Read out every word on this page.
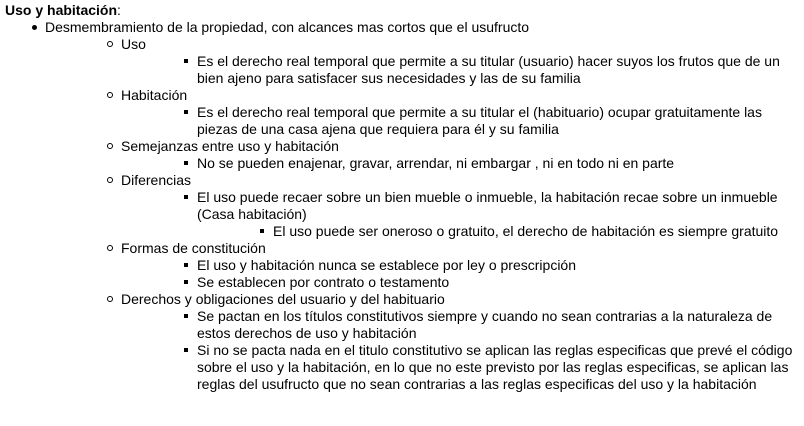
Uso y habitación:
Desmembramiento de la propiedad, con alcances mas cortos que el usufructo
Uso
Es el derecho real temporal que permite a su titular (usuario) hacer suyos los frutos que de un bien ajeno para satisfacer sus necesidades y las de su familia
Habitación
Es el derecho real temporal que permite a su titular el (habituario) ocupar gratuitamente las piezas de una casa ajena que requiera para él y su familia
Semejanzas entre uso y habitación
No se pueden enajenar, gravar, arrendar, ni embargar , ni en todo ni en parte
Diferencias
El uso puede recaer sobre un bien mueble o inmueble, la habitación recae sobre un inmueble (Casa habitación)
El uso puede ser oneroso o gratuito, el derecho de habitación es siempre gratuito
Formas de constitución
El uso y habitación nunca se establece por ley o prescripción
Se establecen por contrato o testamento
Derechos y obligaciones del usuario y del habituario
Se pactan en los títulos constitutivos siempre y cuando no sean contrarias a la naturaleza de estos derechos de uso y habitación
Si no se pacta nada en el titulo constitutivo se aplican las reglas especificas que prevé el código sobre el uso y la habitación, en lo que no este previsto por las reglas especificas, se aplican las reglas del usufructo que no sean contrarias a las reglas especificas del uso y la habitación
